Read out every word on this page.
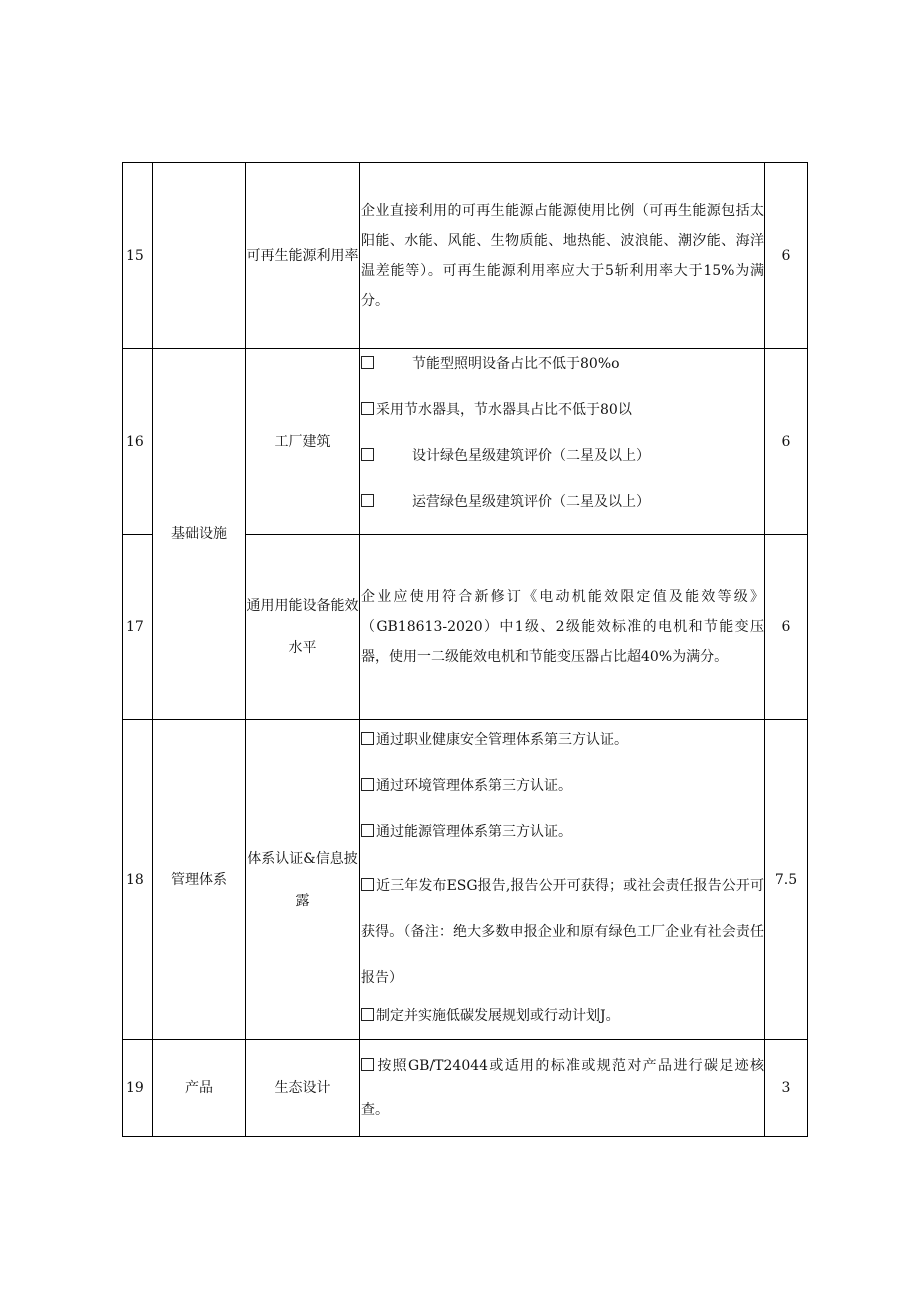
15		可再生能源利用率	企业直接利用的可再生能源占能源使用比例（可再生能源包括太阳能、水能、风能、生物质能、地热能、波浪能、潮汐能、海洋温差能等）。可再生能源利用率应大于5斩利用率大于15%为满分。	6
16	基础设施	工厂建筑	节能型照明设备占比不低于80%o
采用节水器具，节水器具占比不低于80以
设计绿色星级建筑评价（二星及以上）
运营绿色星级建筑评价（二星及以上）	6
17		通用用能设备能效水平	企业应使用符合新修订《电动机能效限定值及能效等级》（GB18613-2020）中1级、2级能效标准的电机和节能变压器，使用一二级能效电机和节能变压器占比超40%为满分。	6
18	管理体系	体系认证&信息披露	通过职业健康安全管理体系第三方认证。
通过环境管理体系第三方认证。
通过能源管理体系第三方认证。
近三年发布ESG报告,报告公开可获得；或社会责任报告公开可获得。（备注：绝大多数申报企业和原有绿色工厂企业有社会责任报告）
制定并实施低碳发展规划或行动计划J。	7.5
19	产品	生态设计	按照GB/T24044或适用的标准或规范对产品进行碳足迹核查。	3
